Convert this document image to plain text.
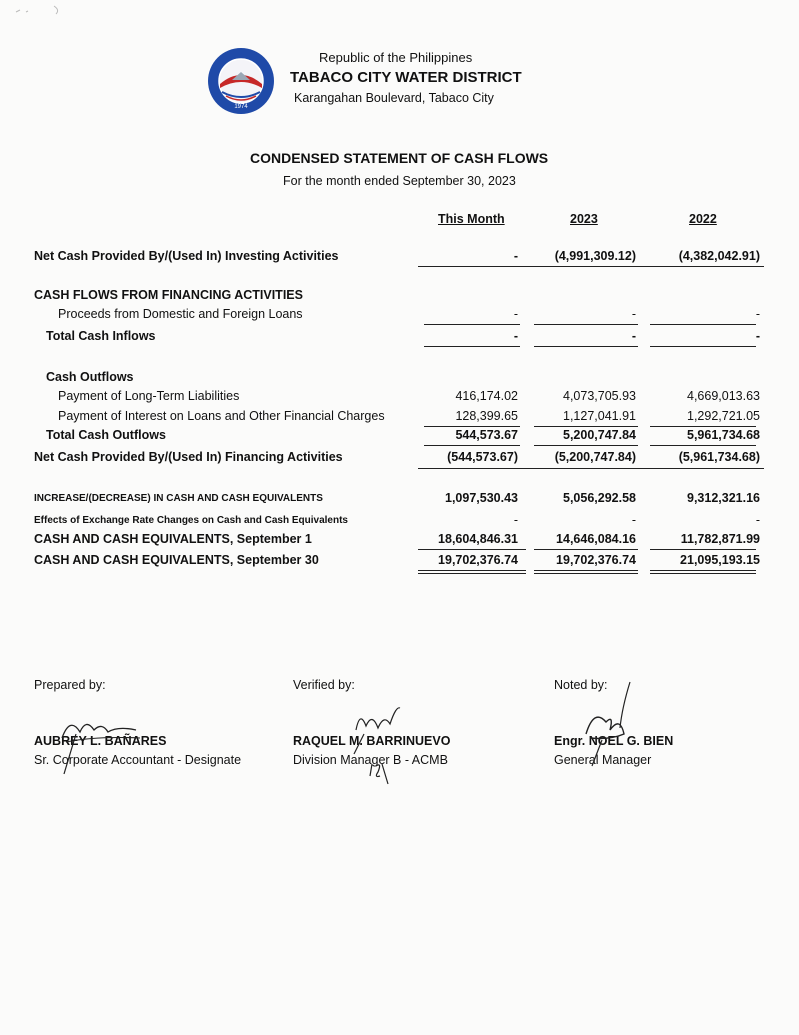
1974
Republic of the Philippines
TABACO CITY WATER DISTRICT
Karangahan Boulevard, Tabaco City
CONDENSED STATEMENT OF CASH FLOWS
For the month ended September 30, 2023
This Month	2023	2022
Net Cash Provided By/(Used In) Investing Activities	-	(4,991,309.12)	(4,382,042.91)
CASH FLOWS FROM FINANCING ACTIVITIES
Proceeds from Domestic and Foreign Loans	-	-	-
Total Cash Inflows	-	-	-
Cash Outflows
Payment of Long-Term Liabilities	416,174.02	4,073,705.93	4,669,013.63
Payment of Interest on Loans and Other Financial Charges	128,399.65	1,127,041.91	1,292,721.05
Total Cash Outflows	544,573.67	5,200,747.84	5,961,734.68
Net Cash Provided By/(Used In) Financing Activities	(544,573.67)	(5,200,747.84)	(5,961,734.68)
INCREASE/(DECREASE) IN CASH AND CASH EQUIVALENTS	1,097,530.43	5,056,292.58	9,312,321.16
Effects of Exchange Rate Changes on Cash and Cash Equivalents	-	-	-
CASH AND CASH EQUIVALENTS, September 1	18,604,846.31	14,646,084.16	11,782,871.99
CASH AND CASH EQUIVALENTS, September 30	19,702,376.74	19,702,376.74	21,095,193.15
Prepared by:
AUBREY L. BAÑARES
Sr. Corporate Accountant - Designate
Verified by:
RAQUEL M. BARRINUEVO
Division Manager B - ACMB
Noted by:
Engr. NOEL G. BIEN
General Manager
